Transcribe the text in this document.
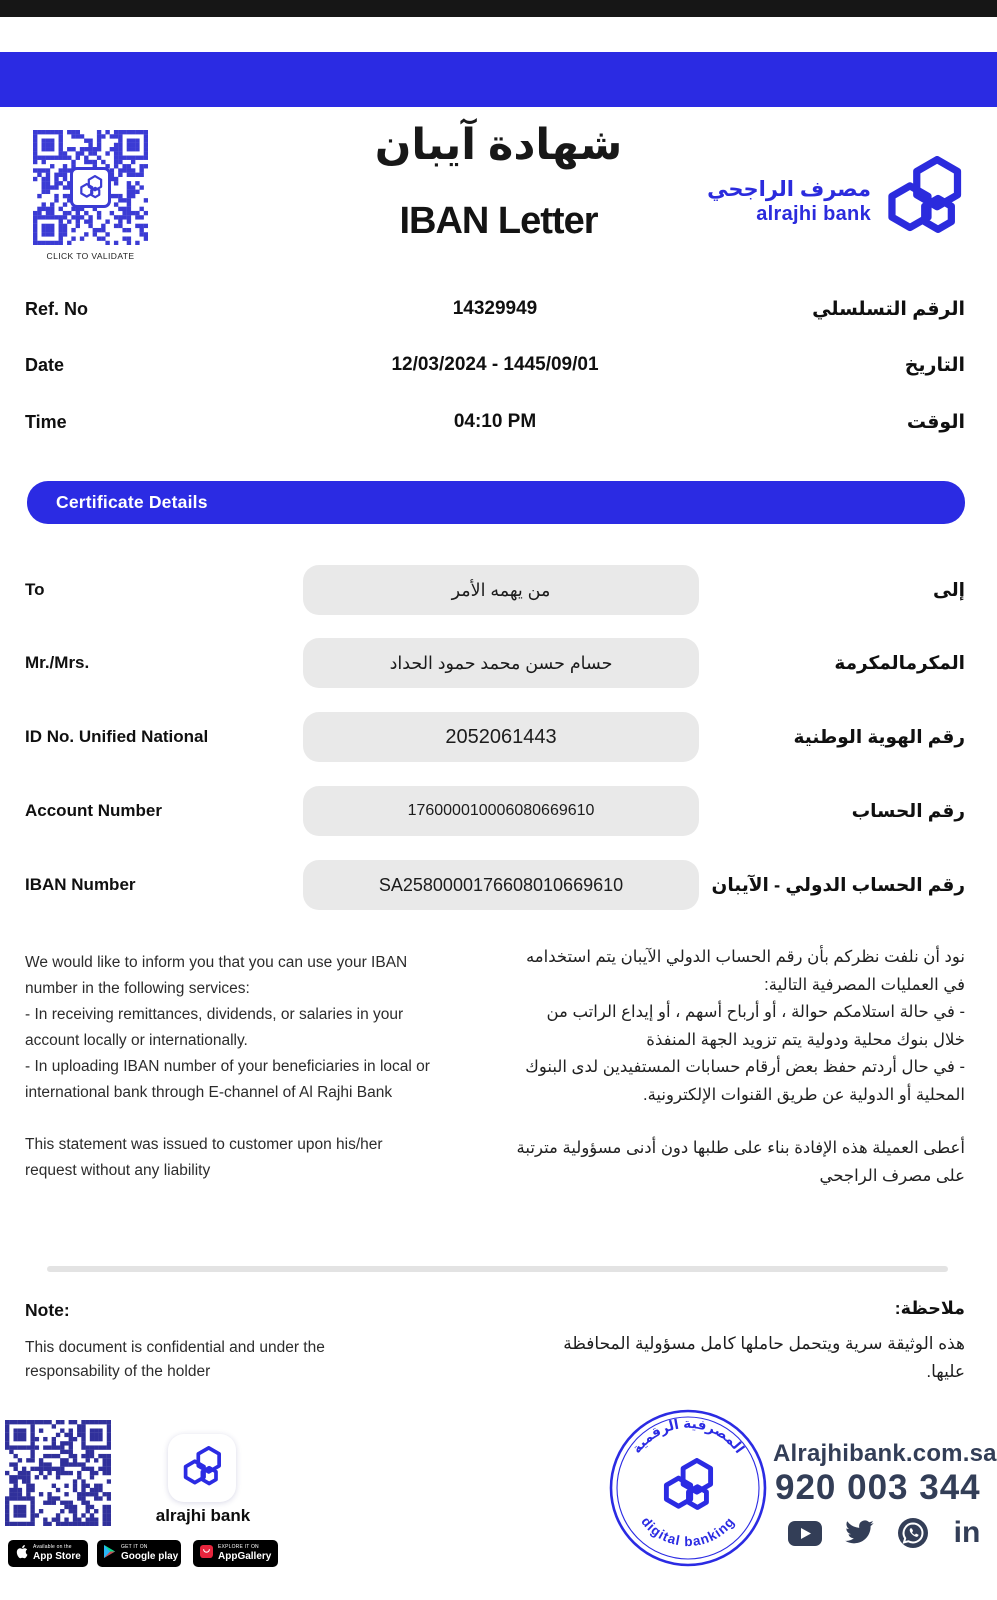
CLICK TO VALIDATE
شهادة آيبان
IBAN Letter
مصرف الراجحي
alrajhi bank
Ref. No	14329949	الرقم التسلسلي
Date	12/03/2024 - 1445/09/01	التاريخ
Time	04:10 PM	الوقت
Certificate Details
To	من يهمه الأمر	إلى
Mr./Mrs.	حسام حسن محمد حمود الحداد	المكرمالمكرمة
ID No. Unified National	2052061443	رقم الهوية الوطنية
Account Number	176000010006080669610	رقم الحساب
IBAN Number	SA2580000176608010669610	رقم الحساب الدولي - الآيبان
We would like to inform you that you can use your IBAN number in the following services:
- In receiving remittances, dividends, or salaries in your account locally or internationally.
- In uploading IBAN number of your beneficiaries in local or international bank through E-channel of Al Rajhi Bank
This statement was issued to customer upon his/her request without any liability
نود أن نلفت نظركم بأن رقم الحساب الدولي الآيبان يتم استخدامه في العمليات المصرفية التالية:
- في حالة استلامكم حوالة ، أو أرباح أسهم ، أو إيداع الراتب من خلال بنوك محلية ودولية يتم تزويد الجهة المنفذة
- في حال أردتم حفظ بعض أرقام حسابات المستفيدين لدى البنوك المحلية أو الدولية عن طريق القنوات الإلكترونية.
أعطى العميلة هذه الإفادة بناء على طلبها دون أدنى مسؤولية مترتبة على مصرف الراجحي
Note:	ملاحظة:
This document is confidential and under the responsability of the holder
هذه الوثيقة سرية ويتحمل حاملها كامل مسؤولية المحافظة عليها.
alrajhi bank
Available on the
App Store
GET IT ON
Google play
EXPLORE IT ON
AppGallery
المصرفية الرقمية
digital banking
Alrajhibank.com.sa
920 003 344
in
